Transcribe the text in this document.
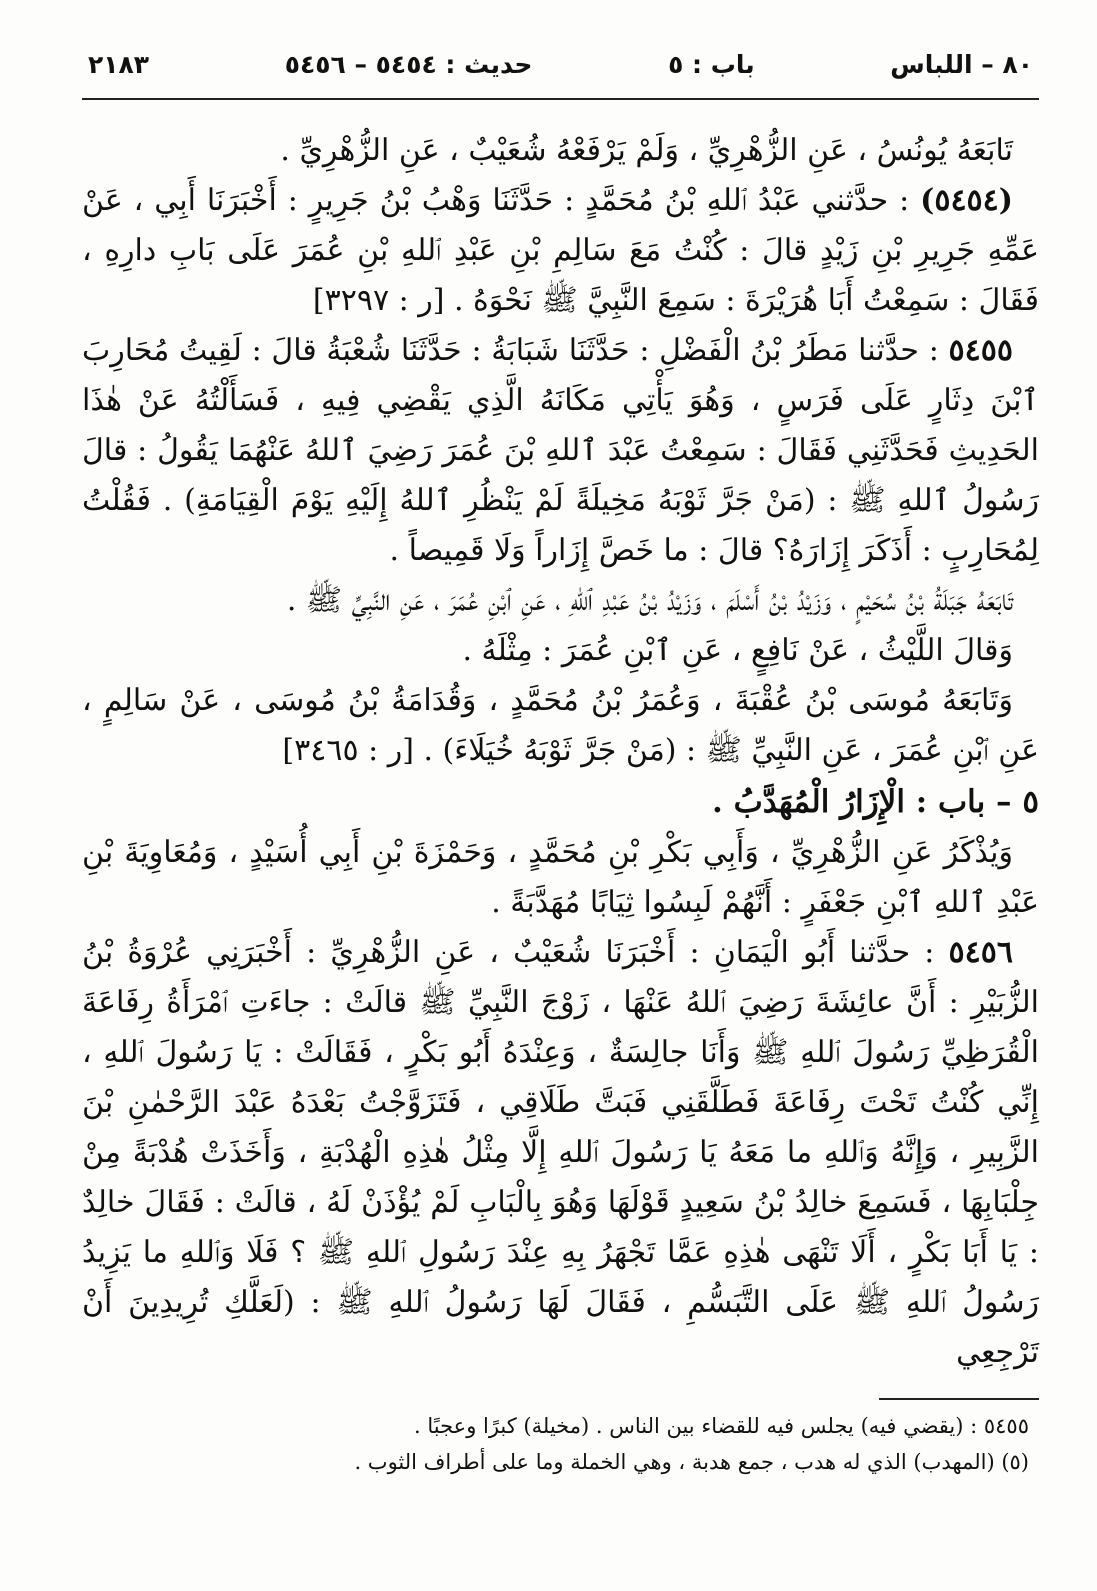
٨٠ – اللباس
باب : ٥
حديث : ٥٤٥٤ – ٥٤٥٦
٢١٨٣

تَابَعَهُ يُونُسُ ، عَنِ الزُّهْرِيِّ ، وَلَمْ يَرْفَعْهُ شُعَيْبٌ ، عَنِ الزُّهْرِيِّ .

(٥٤٥٤) : حدَّثني عَبْدُ ٱللهِ بْنُ مُحَمَّدٍ : حَدَّثَنَا وَهْبُ بْنُ جَرِيرٍ : أَخْبَرَنَا أَبِي ، عَنْ عَمِّهِ جَرِيرِ بْنِ زَيْدٍ قالَ : كُنْتُ مَعَ سَالِمِ بْنِ عَبْدِ ٱللهِ بْنِ عُمَرَ عَلَى بَابِ دارِهِ ، فَقَالَ : سَمِعْتُ أَبَا هُرَيْرَةَ : سَمِعَ النَّبِيَّ ﷺ نَحْوَهُ . [ر : ٣٢٩٧]

٥٤٥٥ : حدَّثنا مَطَرُ بْنُ الْفَضْلِ : حَدَّثَنَا شَبَابَةُ : حَدَّثَنَا شُعْبَةُ قالَ : لَقِيتُ مُحَارِبَ ٱبْنَ دِثَارٍ عَلَى فَرَسٍ ، وَهُوَ يَأْتِي مَكَانَهُ الَّذِي يَقْضِي فِيهِ ، فَسَأَلْتُهُ عَنْ هٰذَا الحَدِيثِ فَحَدَّثَنِي فَقَالَ : سَمِعْتُ عَبْدَ ٱللهِ بْنَ عُمَرَ رَضِيَ ٱللهُ عَنْهُمَا يَقُولُ : قالَ رَسُولُ ٱللهِ ﷺ : (مَنْ جَرَّ ثَوْبَهُ مَخِيلَةً لَمْ يَنْظُرِ ٱللهُ إِلَيْهِ يَوْمَ الْقِيَامَةِ) . فَقُلْتُ لِمُحَارِبٍ : أَذَكَرَ إِزَارَهُ؟ قالَ : ما خَصَّ إِزَاراً وَلَا قَمِيصاً .

تَابَعَهُ جَبَلَةُ بْنُ سُحَيْمٍ ، وَزَيْدُ بْنُ أَسْلَمَ ، وَزَيْدُ بْنُ عَبْدِ ٱللهِ ، عَنِ ٱبْنِ عُمَرَ ، عَنِ النَّبِيِّ ﷺ .

وَقالَ اللَّيْثُ ، عَنْ نَافِعٍ ، عَنِ ٱبْنِ عُمَرَ : مِثْلَهُ .

وَتَابَعَهُ مُوسَى بْنُ عُقْبَةَ ، وَعُمَرُ بْنُ مُحَمَّدٍ ، وَقُدَامَةُ بْنُ مُوسَى ، عَنْ سَالِمٍ ، عَنِ ٱبْنِ عُمَرَ ، عَنِ النَّبِيِّ ﷺ : (مَنْ جَرَّ ثَوْبَهُ خُيَلَاءَ) . [ر : ٣٤٦٥]

٥ – باب : الْإِزَارُ الْمُهَدَّبُ .

وَيُذْكَرُ عَنِ الزُّهْرِيِّ ، وَأَبِي بَكْرِ بْنِ مُحَمَّدٍ ، وَحَمْزَةَ بْنِ أَبِي أُسَيْدٍ ، وَمُعَاوِيَةَ بْنِ عَبْدِ ٱللهِ ٱبْنِ جَعْفَرٍ : أَنَّهُمْ لَبِسُوا ثِيَابًا مُهَدَّبَةً .

٥٤٥٦ : حدَّثنا أَبُو الْيَمَانِ : أَخْبَرَنَا شُعَيْبٌ ، عَنِ الزُّهْرِيِّ : أَخْبَرَنِي عُرْوَةُ بْنُ الزُّبَيْرِ : أَنَّ عائِشَةَ رَضِيَ ٱللهُ عَنْهَا ، زَوْجَ النَّبِيِّ ﷺ قالَتْ : جاءَتِ ٱمْرَأَةُ رِفَاعَةَ الْقُرَظِيِّ رَسُولَ ٱللهِ ﷺ وَأَنَا جالِسَةٌ ، وَعِنْدَهُ أَبُو بَكْرٍ ، فَقَالَتْ : يَا رَسُولَ ٱللهِ ، إِنِّي كُنْتُ تَحْتَ رِفَاعَةَ فَطَلَّقَنِي فَبَتَّ طَلَاقِي ، فَتَزَوَّجْتُ بَعْدَهُ عَبْدَ الرَّحْمٰنِ بْنَ الزَّبِيرِ ، وَإِنَّهُ وَٱللهِ ما مَعَهُ يَا رَسُولَ ٱللهِ إِلَّا مِثْلُ هٰذِهِ الْهُدْبَةِ ، وَأَخَذَتْ هُدْبَةً مِنْ جِلْبَابِهَا ، فَسَمِعَ خالِدُ بْنُ سَعِيدٍ قَوْلَهَا وَهُوَ بِالْبَابِ لَمْ يُؤْذَنْ لَهُ ، قالَتْ : فَقَالَ خالِدٌ : يَا أَبَا بَكْرٍ ، أَلَا تَنْهَى هٰذِهِ عَمَّا تَجْهَرُ بِهِ عِنْدَ رَسُولِ ٱللهِ ﷺ ؟ فَلَا وَٱللهِ ما يَزِيدُ رَسُولُ ٱللهِ ﷺ عَلَى التَّبَسُّمِ ، فَقَالَ لَهَا رَسُولُ ٱللهِ ﷺ : (لَعَلَّكِ تُرِيدِينَ أَنْ تَرْجِعِي

٥٤٥٥ : (يقضي فيه) يجلس فيه للقضاء بين الناس . (مخيلة) كبرًا وعجبًا .

(٥) (المهدب) الذي له هدب ، جمع هدبة ، وهي الخملة وما على أطراف الثوب .
